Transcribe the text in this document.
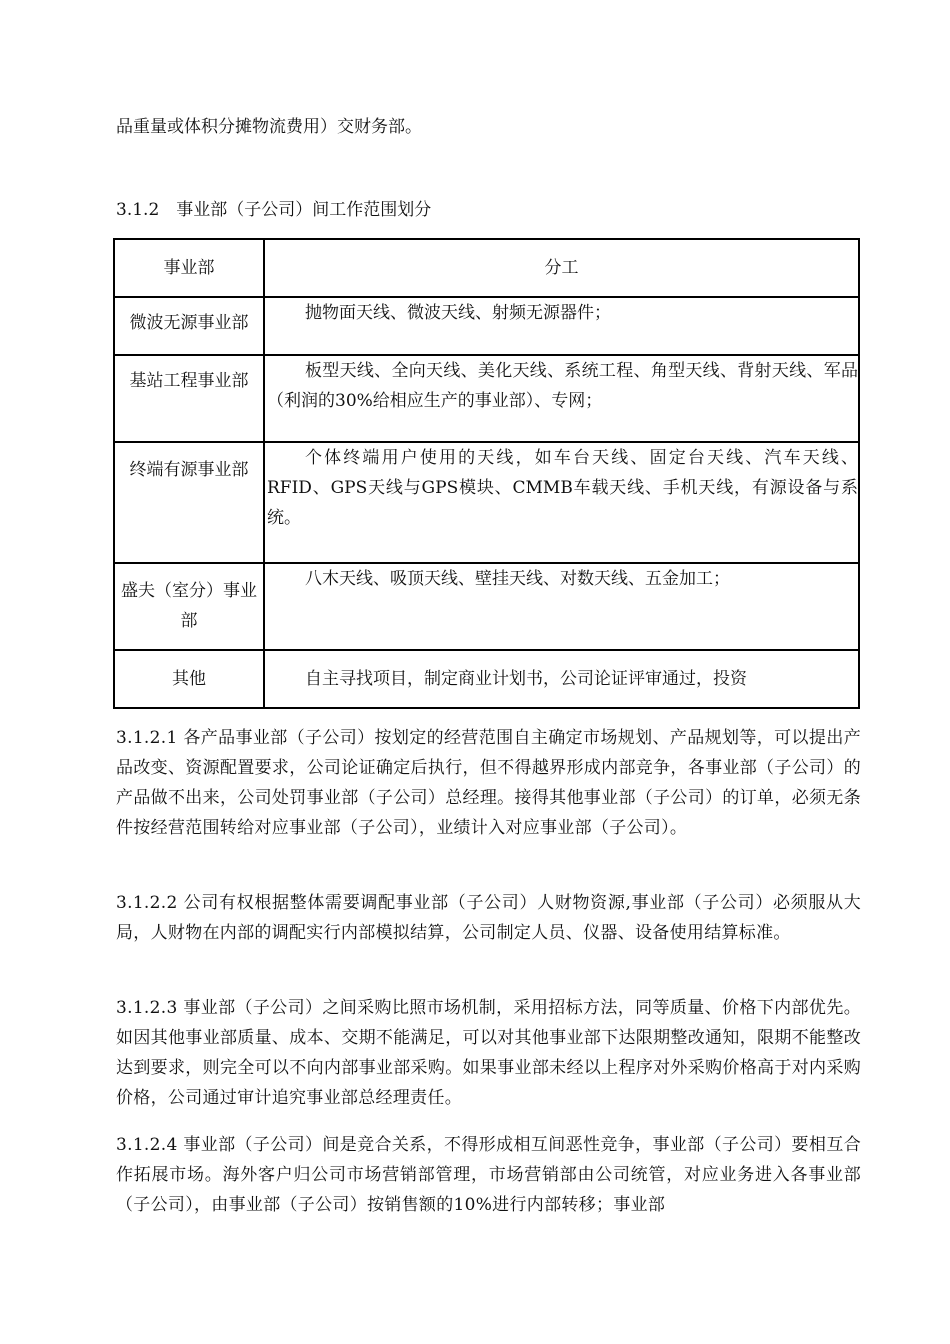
品重量或体积分摊物流费用）交财务部。
3.1.2　事业部（子公司）间工作范围划分
事业部	分工
微波无源事业部	抛物面天线、微波天线、射频无源器件；
基站工程事业部	板型天线、全向天线、美化天线、系统工程、角型天线、背射天线、军品（利润的30%给相应生产的事业部）、专网；
终端有源事业部	个体终端用户使用的天线，如车台天线、固定台天线、汽车天线、RFID、GPS天线与GPS模块、CMMB车载天线、手机天线，有源设备与系统。
盛夫（室分）事业部	八木天线、吸顶天线、壁挂天线、对数天线、五金加工；
其他	自主寻找项目，制定商业计划书，公司论证评审通过，投资
3.1.2.1 各产品事业部（子公司）按划定的经营范围自主确定市场规划、产品规划等，可以提出产品改变、资源配置要求，公司论证确定后执行，但不得越界形成内部竞争，各事业部（子公司）的产品做不出来，公司处罚事业部（子公司）总经理。接得其他事业部（子公司）的订单，必须无条件按经营范围转给对应事业部（子公司），业绩计入对应事业部（子公司）。
3.1.2.2 公司有权根据整体需要调配事业部（子公司）人财物资源,事业部（子公司）必须服从大局，人财物在内部的调配实行内部模拟结算，公司制定人员、仪器、设备使用结算标准。
3.1.2.3 事业部（子公司）之间采购比照市场机制，采用招标方法，同等质量、价格下内部优先。如因其他事业部质量、成本、交期不能满足，可以对其他事业部下达限期整改通知，限期不能整改达到要求，则完全可以不向内部事业部采购。如果事业部未经以上程序对外采购价格高于对内采购价格，公司通过审计追究事业部总经理责任。
3.1.2.4 事业部（子公司）间是竞合关系，不得形成相互间恶性竞争，事业部（子公司）要相互合作拓展市场。海外客户归公司市场营销部管理，市场营销部由公司统管，对应业务进入各事业部（子公司），由事业部（子公司）按销售额的10%进行内部转移；事业部
